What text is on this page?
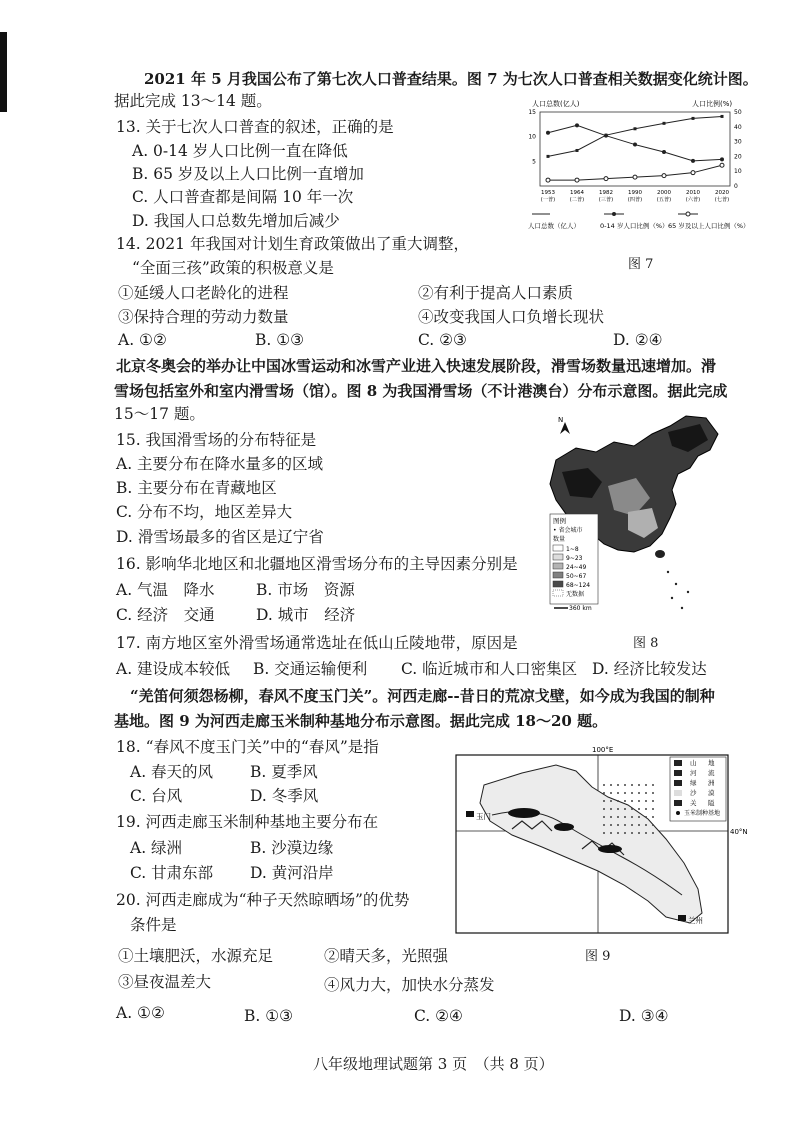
2021 年 5 月我国公布了第七次人口普查结果。图 7 为七次人口普查相关数据变化统计图。
据此完成 13～14 题。
13. 关于七次人口普查的叙述，正确的是
A. 0-14 岁人口比例一直在降低
B. 65 岁及以上人口比例一直增加
C. 人口普查都是间隔 10 年一次
D. 我国人口总数先增加后减少
14. 2021 年我国对计划生育政策做出了重大调整，
“全面三孩”政策的积极意义是
①延缓人口老龄化的进程	②有利于提高人口素质
③保持合理的劳动力数量	④改变我国人口负增长现状
A. ①②	B. ①③	C. ②③	D. ②④
人口总数(亿人)	人口比例(%)
15
10
5
50
40
30
20
10
0
1953
(一普)
1964
(二普)
1982
(三普)
1990
(四普)
2000
(五普)
2010
(六普)
2020
(七普)
人口总数（亿人）	0-14 岁人口比例（%） 65 岁及以上人口比例（%）
图 7
北京冬奥会的举办让中国冰雪运动和冰雪产业进入快速发展阶段，滑雪场数量迅速增加。滑
雪场包括室外和室内滑雪场（馆）。图 8 为我国滑雪场（不计港澳台）分布示意图。据此完成
15～17 题。
15. 我国滑雪场的分布特征是
A. 主要分布在降水量多的区域
B. 主要分布在青藏地区
C. 分布不均，地区差异大
D. 滑雪场最多的省区是辽宁省
16. 影响华北地区和北疆地区滑雪场分布的主导因素分别是
A. 气温　降水	B. 市场　资源
C. 经济　交通	D. 城市　经济
N
图例
• 省会城市
数量
1~8
9~23
24~49
50~67
68~124
无数据
360 km
图 8
17. 南方地区室外滑雪场通常选址在低山丘陵地带，原因是
A. 建设成本较低 B. 交通运输便利 C. 临近城市和人口密集区 D. 经济比较发达
“羌笛何须怨杨柳，春风不度玉门关”。河西走廊--昔日的荒凉戈壁，如今成为我国的制种
基地。图 9 为河西走廊玉米制种基地分布示意图。据此完成 18～20 题。
18. “春风不度玉门关”中的“春风”是指
A. 春天的风 B. 夏季风
C. 台风	D. 冬季风
19. 河西走廊玉米制种基地主要分布在
A. 绿洲	B. 沙漠边缘
C. 甘肃东部 D. 黄河沿岸
20. 河西走廊成为“种子天然晾晒场”的优势
条件是
①土壤肥沃，水源充足	②晴天多，光照强
③昼夜温差大	④风力大，加快水分蒸发
A. ①②	B. ①③	C. ②④	D. ③④
100°E
40°N
玉门
兰州
山 地
河 流
绿 洲
沙 漠
关 隘
玉米制种基地
图 9
八年级地理试题第 3 页　（共 8 页）
